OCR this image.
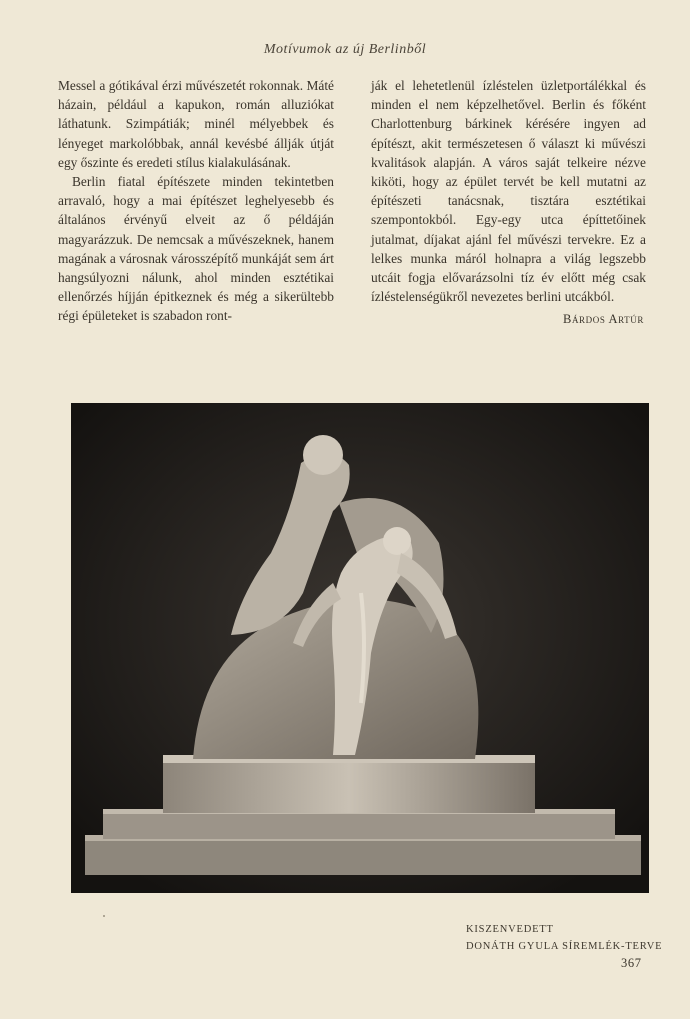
Motívumok az új Berlinből

Messel a gótikával érzi művészetét rokonnak. Máté házain, például a kapukon, román alluziókat láthatunk. Szimpátiák; minél mélyebbek és lényeget markolóbbak, annál kevésbé állják útját egy őszinte és eredeti stílus kialakulásának.

Berlin fiatal építészete minden tekintetben arravaló, hogy a mai építészet leghelyesebb és általános érvényű elveit az ő példáján magyarázzuk. De nemcsak a művészeknek, hanem magának a városnak városszépítő munkáját sem árt hangsúlyozni nálunk, ahol minden esztétikai ellenőrzés híjján épitkeznek és még a sikerültebb régi épületeket is szabadon ront-

ják el lehetetlenül ízléstelen üzletportálékkal és minden el nem képzelhetővel. Berlin és főként Charlottenburg bárkinek kérésére ingyen ad építészt, akit természetesen ő választ ki művészi kvalitások alapján. A város saját telkeire nézve kiköti, hogy az épület tervét be kell mutatni az építészeti tanácsnak, tisztára esztétikai szempontokból. Egy-egy utca építtetőinek jutalmat, díjakat ajánl fel művészi tervekre. Ez a lelkes munka máról holnapra a világ legszebb utcáit fogja elővarázsolni tíz év előtt még csak ízléstelenségükről nevezetes berlini utcákból.

Bárdos Artúr
KISZENVEDETT
DONÁTH GYULA SÍREMLÉK-TERVE
367
